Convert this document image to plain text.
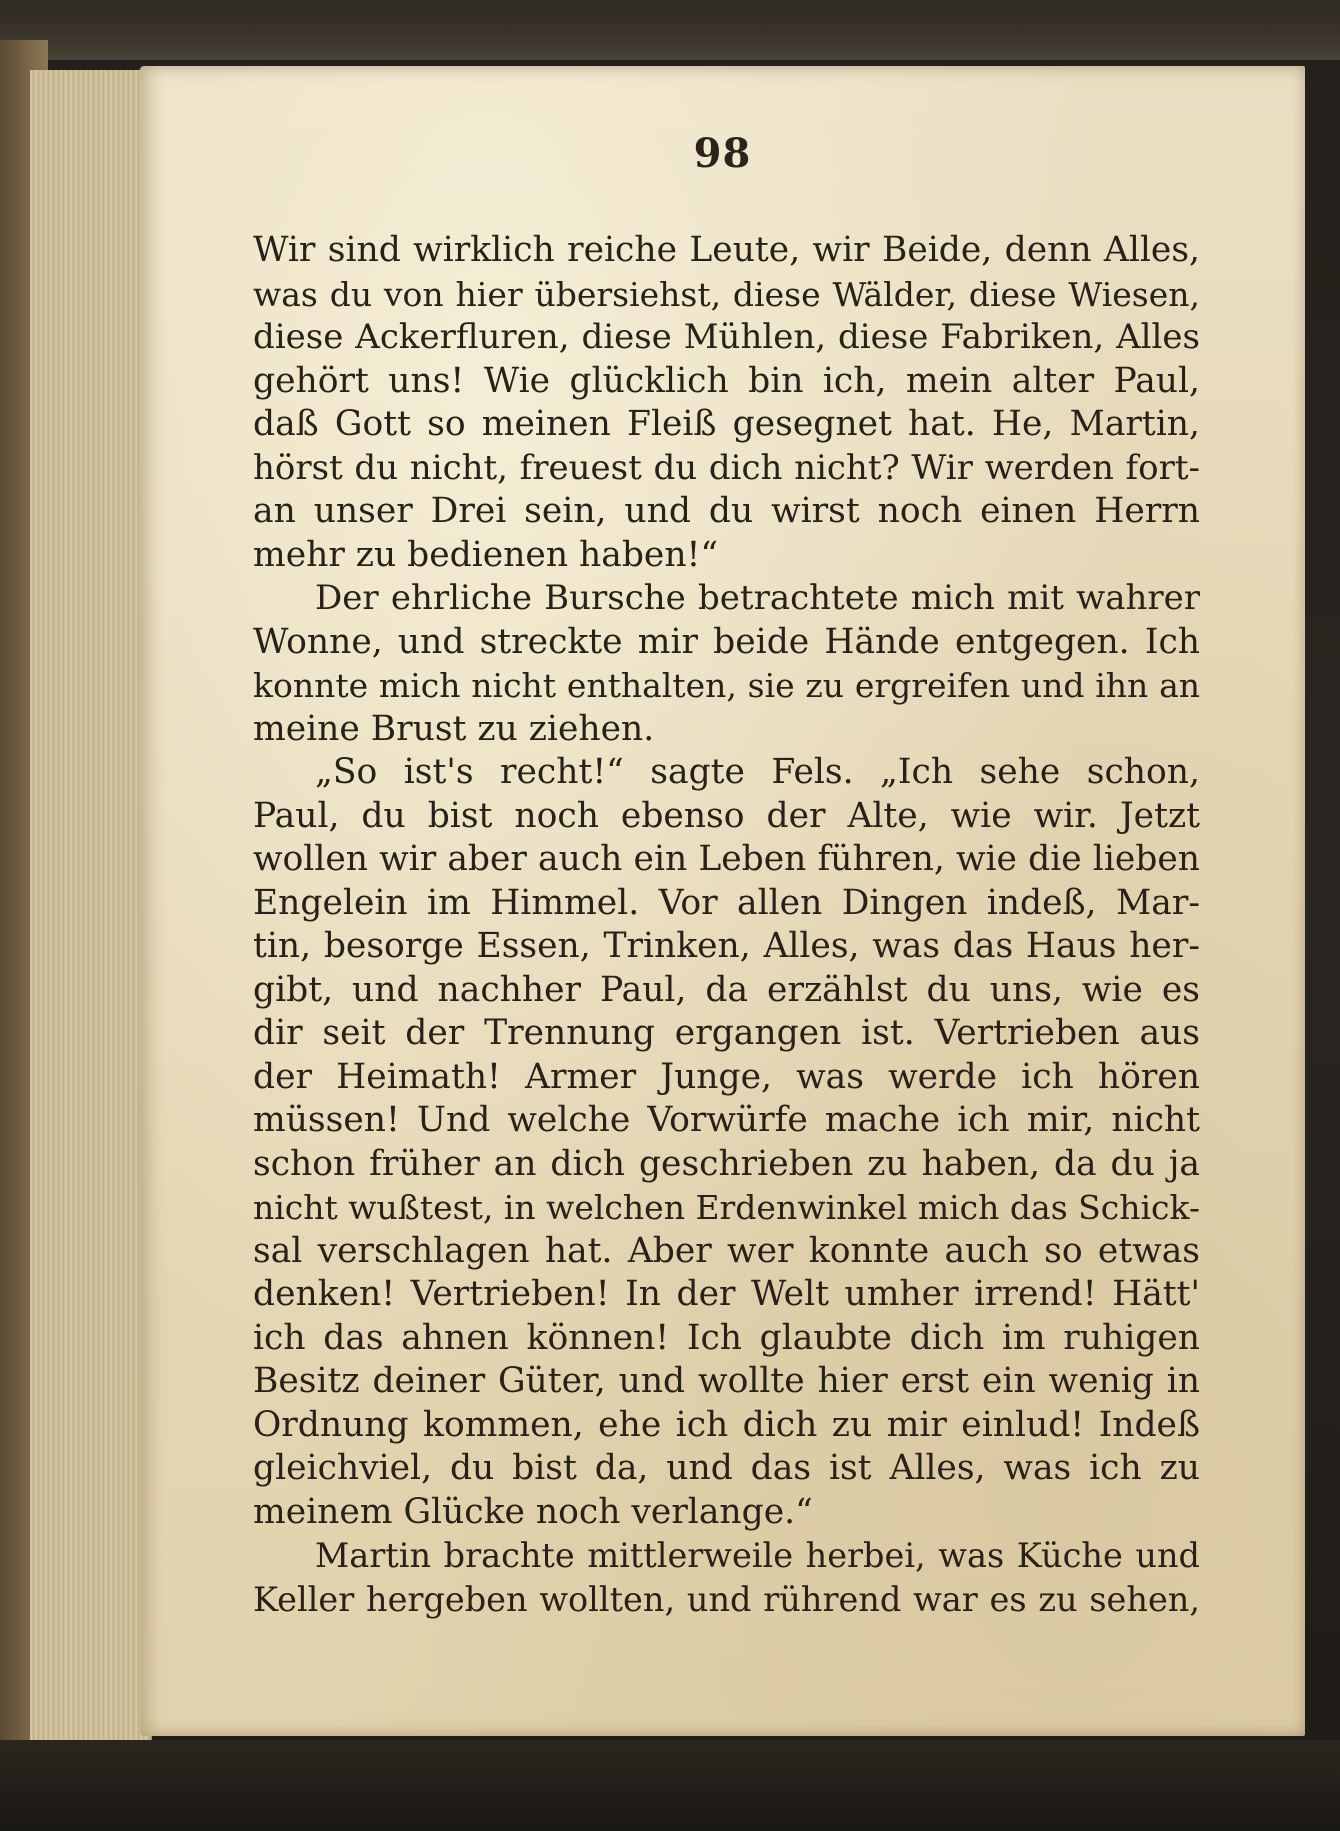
98
Wir sind wirklich reiche Leute, wir Beide, denn Alles,
was du von hier übersiehst, diese Wälder, diese Wiesen,
diese Ackerfluren, diese Mühlen, diese Fabriken, Alles
gehört uns! Wie glücklich bin ich, mein alter Paul,
daß Gott so meinen Fleiß gesegnet hat. He, Martin,
hörst du nicht, freuest du dich nicht? Wir werden fort-
an unser Drei sein, und du wirst noch einen Herrn
mehr zu bedienen haben!“
Der ehrliche Bursche betrachtete mich mit wahrer
Wonne, und streckte mir beide Hände entgegen. Ich
konnte mich nicht enthalten, sie zu ergreifen und ihn an
meine Brust zu ziehen.
„So ist's recht!“ sagte Fels. „Ich sehe schon,
Paul, du bist noch ebenso der Alte, wie wir. Jetzt
wollen wir aber auch ein Leben führen, wie die lieben
Engelein im Himmel. Vor allen Dingen indeß, Mar-
tin, besorge Essen, Trinken, Alles, was das Haus her-
gibt, und nachher Paul, da erzählst du uns, wie es
dir seit der Trennung ergangen ist. Vertrieben aus
der Heimath! Armer Junge, was werde ich hören
müssen! Und welche Vorwürfe mache ich mir, nicht
schon früher an dich geschrieben zu haben, da du ja
nicht wußtest, in welchen Erdenwinkel mich das Schick-
sal verschlagen hat. Aber wer konnte auch so etwas
denken! Vertrieben! In der Welt umher irrend! Hätt'
ich das ahnen können! Ich glaubte dich im ruhigen
Besitz deiner Güter, und wollte hier erst ein wenig in
Ordnung kommen, ehe ich dich zu mir einlud! Indeß
gleichviel, du bist da, und das ist Alles, was ich zu
meinem Glücke noch verlange.“
Martin brachte mittlerweile herbei, was Küche und
Keller hergeben wollten, und rührend war es zu sehen,
